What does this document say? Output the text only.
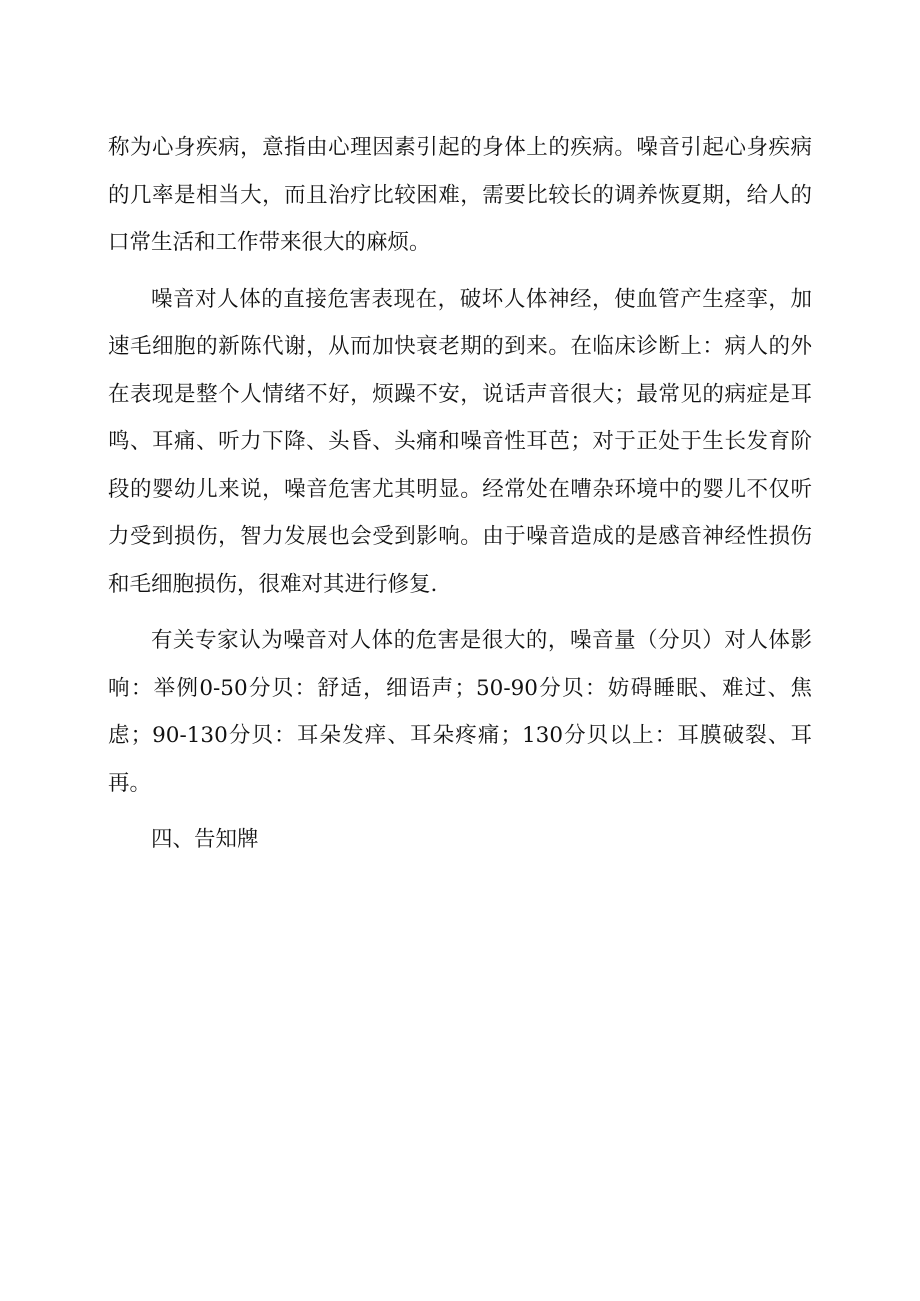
称为心身疾病，意指由心理因素引起的身体上的疾病。噪音引起心身疾病的几率是相当大，而且治疗比较困难，需要比较长的调养恢夏期，给人的口常生活和工作带来很大的麻烦。

噪音对人体的直接危害表现在，破坏人体神经，使血管产生痉挛，加速毛细胞的新陈代谢，从而加快衰老期的到来。在临床诊断上：病人的外在表现是整个人情绪不好，烦躁不安，说话声音很大；最常见的病症是耳鸣、耳痛、听力下降、头昏、头痛和噪音性耳芭；对于正处于生长发育阶段的婴幼儿来说，噪音危害尤其明显。经常处在嘈杂环境中的婴儿不仅听力受到损伤，智力发展也会受到影响。由于噪音造成的是感音神经性损伤和毛细胞损伤，很难对其进行修复.

有关专家认为噪音对人体的危害是很大的，噪音量（分贝）对人体影响：举例0-50分贝：舒适，细语声；50-90分贝：妨碍睡眠、难过、焦虑；90-130分贝：耳朵发痒、耳朵疼痛；130分贝以上：耳膜破裂、耳再。

四、告知牌
